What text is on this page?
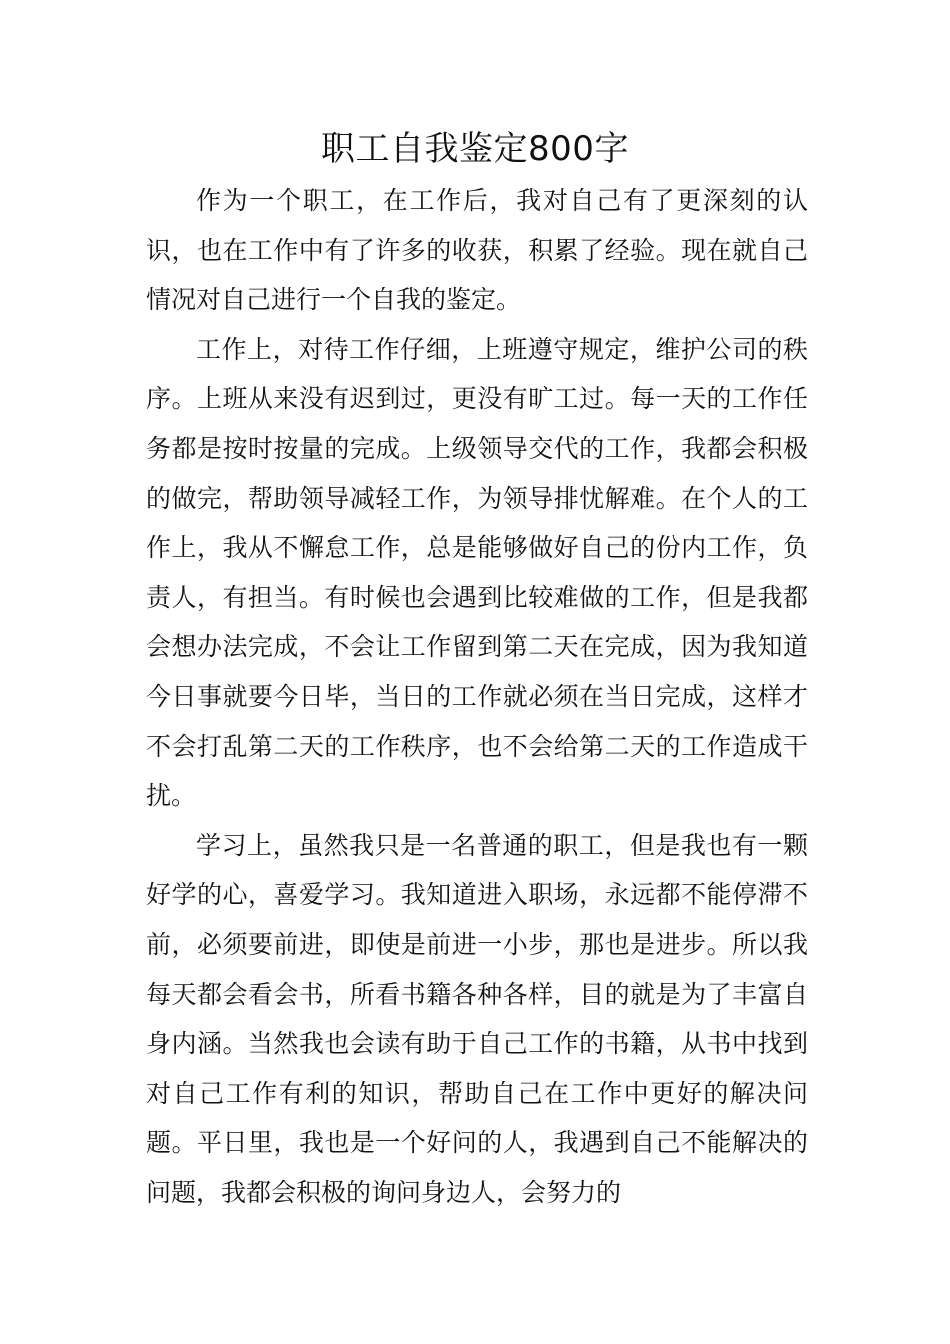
职工自我鉴定800字

作为一个职工，在工作后，我对自己有了更深刻的认识，也在工作中有了许多的收获，积累了经验。现在就自己情况对自己进行一个自我的鉴定。

工作上，对待工作仔细，上班遵守规定，维护公司的秩序。上班从来没有迟到过，更没有旷工过。每一天的工作任务都是按时按量的完成。上级领导交代的工作，我都会积极的做完，帮助领导减轻工作，为领导排忧解难。在个人的工作上，我从不懈怠工作，总是能够做好自己的份内工作，负责人，有担当。有时候也会遇到比较难做的工作，但是我都会想办法完成，不会让工作留到第二天在完成，因为我知道今日事就要今日毕，当日的工作就必须在当日完成，这样才不会打乱第二天的工作秩序，也不会给第二天的工作造成干扰。

学习上，虽然我只是一名普通的职工，但是我也有一颗好学的心，喜爱学习。我知道进入职场，永远都不能停滞不前，必须要前进，即使是前进一小步，那也是进步。所以我每天都会看会书，所看书籍各种各样，目的就是为了丰富自身内涵。当然我也会读有助于自己工作的书籍，从书中找到对自己工作有利的知识，帮助自己在工作中更好的解决问题。平日里，我也是一个好问的人，我遇到自己不能解决的问题，我都会积极的询问身边人，会努力的
